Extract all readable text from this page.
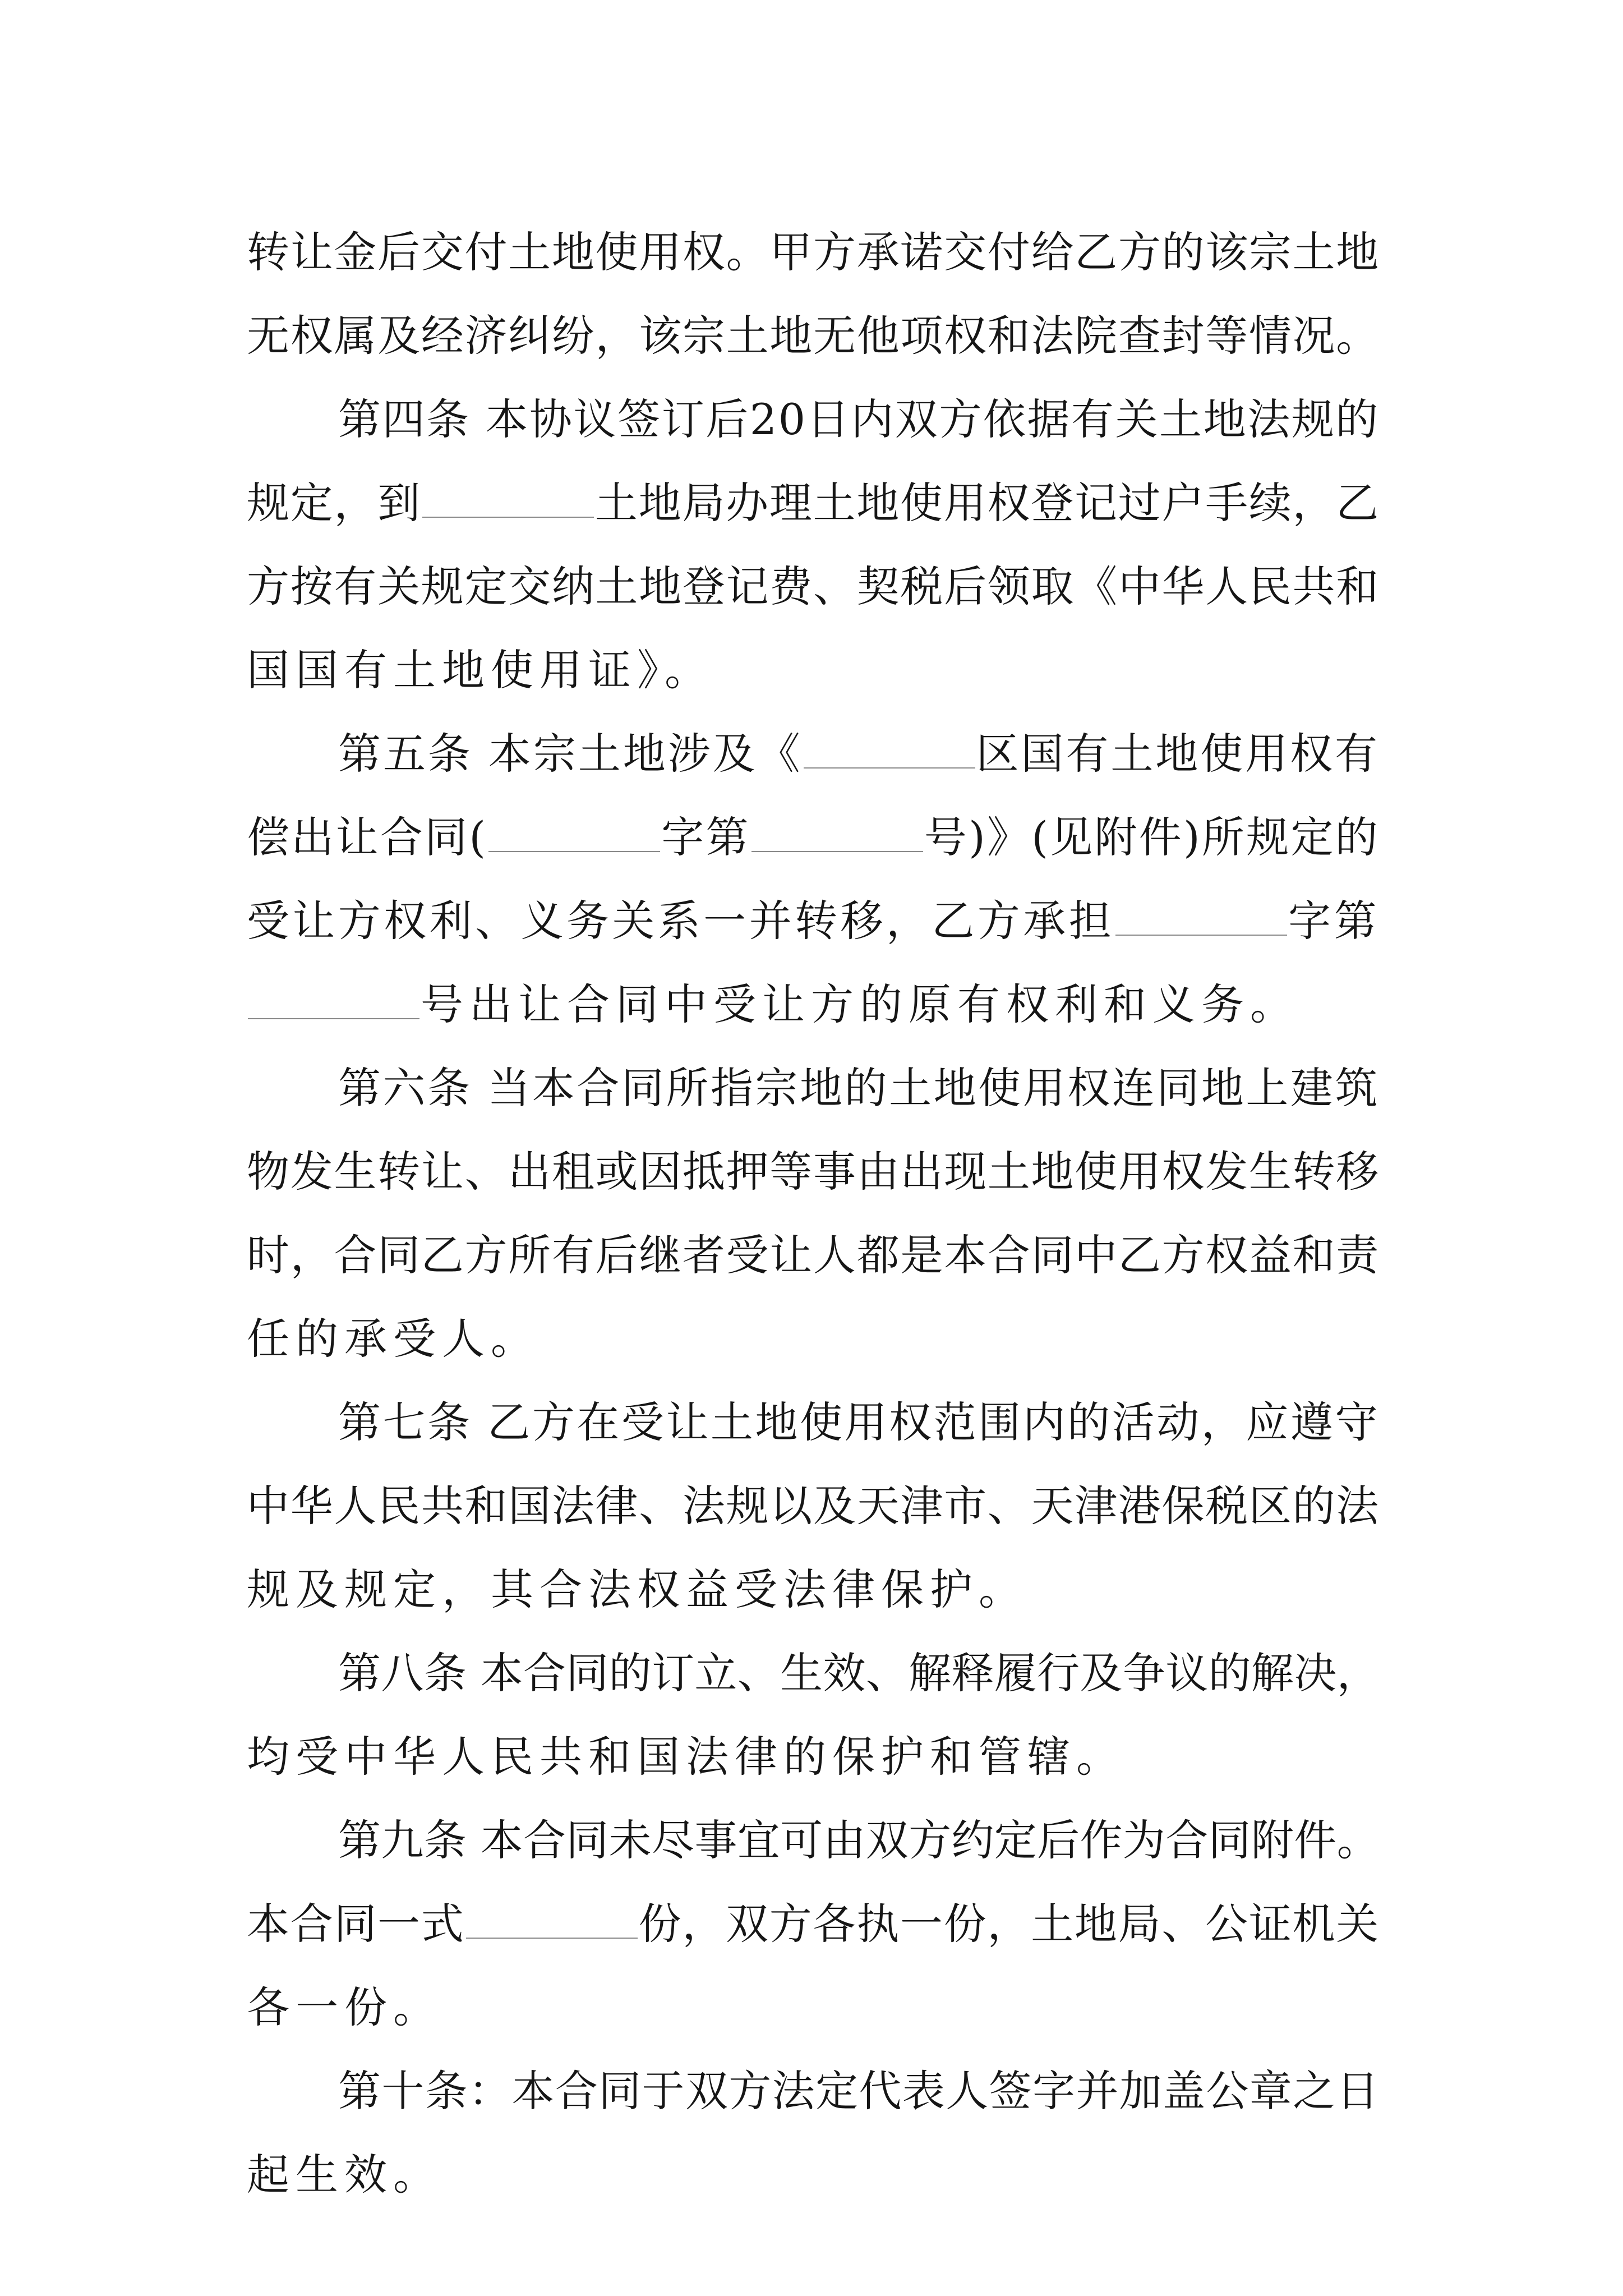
转让金后交付土地使用权。甲方承诺交付给乙方的该宗土地
无权属及经济纠纷，该宗土地无他项权和法院查封等情况。
第四条 本协议签订后20日内双方依据有关土地法规的
规定，到	土地局办理土地使用权登记过户手续，乙
方按有关规定交纳土地登记费、契税后领取《中华人民共和
国国有土地使用证》。
第五条 本宗土地涉及《	区国有土地使用权有
偿出让合同(	字第	号)》(见附件)所规定的
受让方权利、义务关系一并转移，乙方承担	字第
号出让合同中受让方的原有权利和义务。
第六条 当本合同所指宗地的土地使用权连同地上建筑
物发生转让、出租或因抵押等事由出现土地使用权发生转移
时，合同乙方所有后继者受让人都是本合同中乙方权益和责
任的承受人。
第七条 乙方在受让土地使用权范围内的活动，应遵守
中华人民共和国法律、法规以及天津市、天津港保税区的法
规及规定，其合法权益受法律保护。
第八条 本合同的订立、生效、解释履行及争议的解决，
均受中华人民共和国法律的保护和管辖。
第九条 本合同未尽事宜可由双方约定后作为合同附件。
本合同一式	份，双方各执一份，土地局、公证机关
各一份。
第十条：本合同于双方法定代表人签字并加盖公章之日
起生效。
